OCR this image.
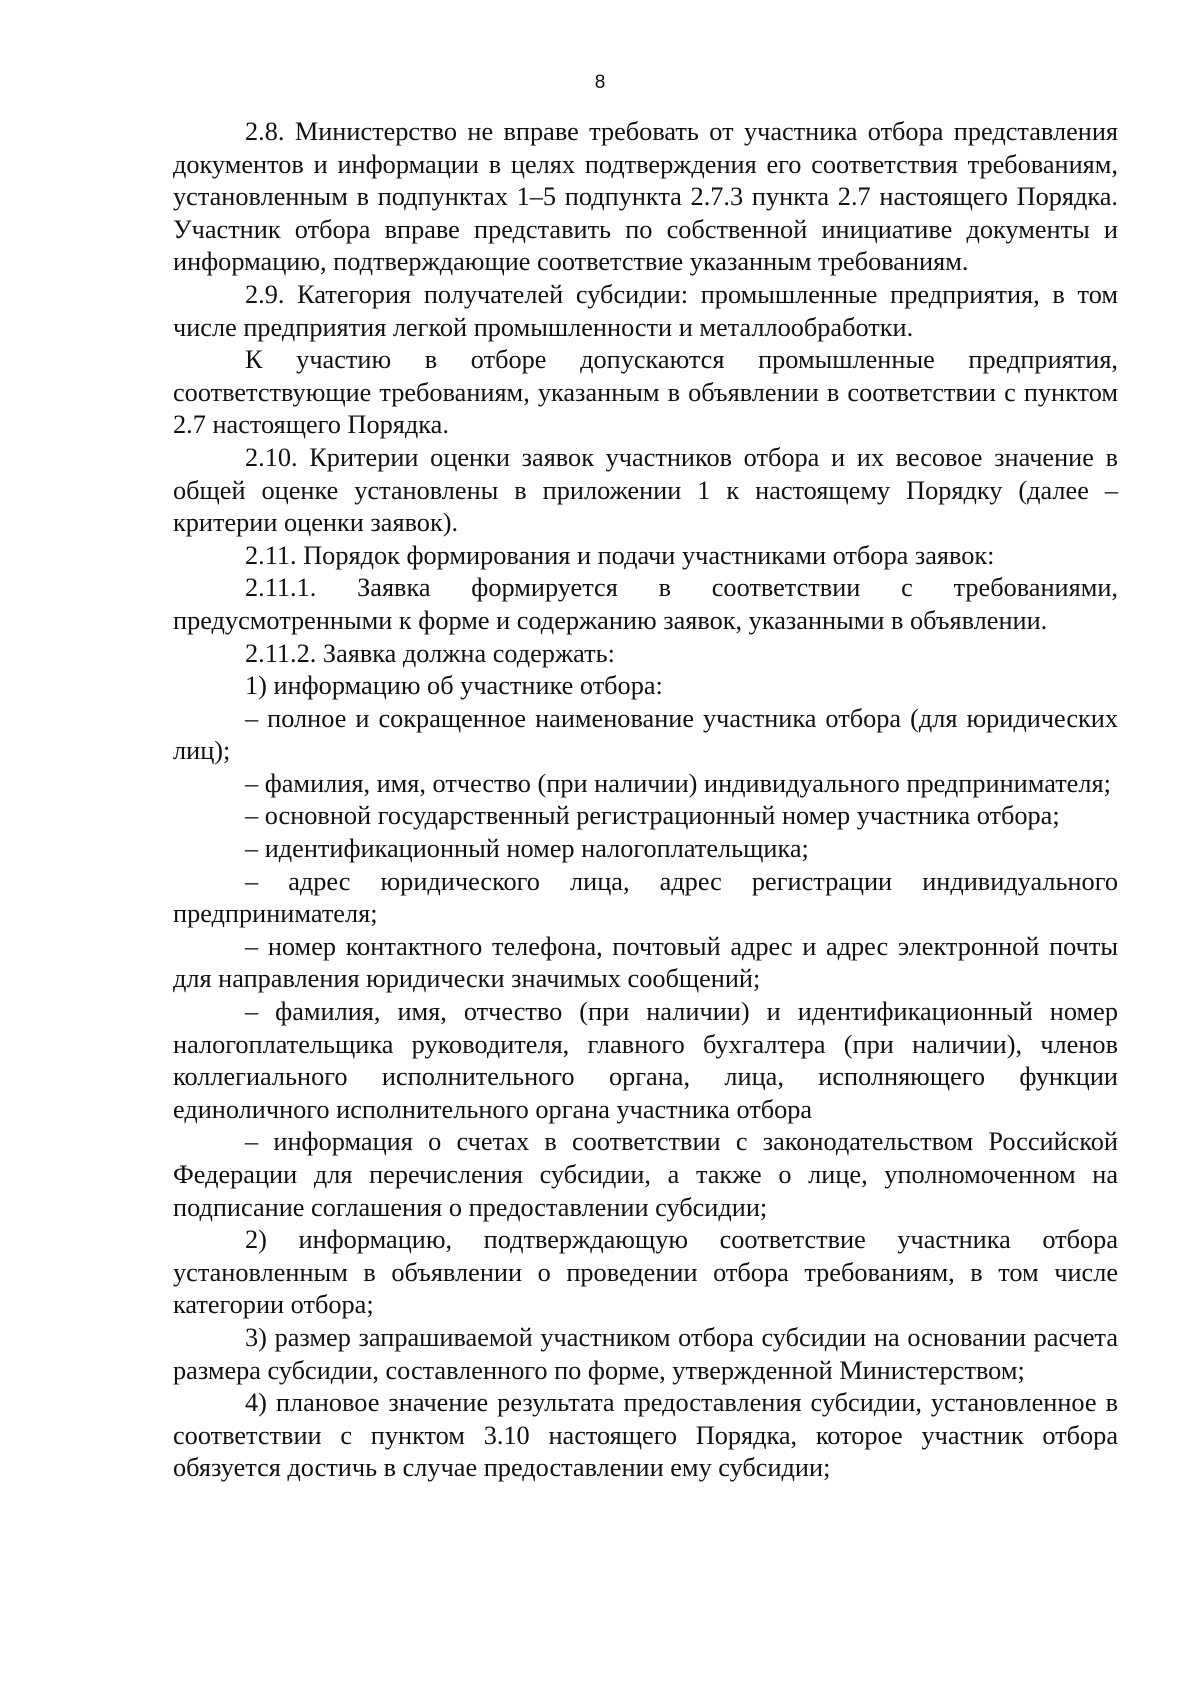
8

2.8. Министерство не вправе требовать от участника отбора представления документов и информации в целях подтверждения его соответствия требованиям, установленным в подпунктах 1–5 подпункта 2.7.3 пункта 2.7 настоящего Порядка. Участник отбора вправе представить по собственной инициативе документы и информацию, подтверждающие соответствие указанным требованиям.

2.9. Категория получателей субсидии: промышленные предприятия, в том числе предприятия легкой промышленности и металлообработки.

К участию в отборе допускаются промышленные предприятия, соответствующие требованиям, указанным в объявлении в соответствии с пунктом 2.7 настоящего Порядка.

2.10. Критерии оценки заявок участников отбора и их весовое значение в общей оценке установлены в приложении 1 к настоящему Порядку (далее – критерии оценки заявок).

2.11. Порядок формирования и подачи участниками отбора заявок:

2.11.1. Заявка формируется в соответствии с требованиями, предусмотренными к форме и содержанию заявок, указанными в объявлении.

2.11.2. Заявка должна содержать:

1) информацию об участнике отбора:

– полное и сокращенное наименование участника отбора (для юридических лиц);

– фамилия, имя, отчество (при наличии) индивидуального предпринимателя;

– основной государственный регистрационный номер участника отбора;

– идентификационный номер налогоплательщика;

– адрес юридического лица, адрес регистрации индивидуального предпринимателя;

– номер контактного телефона, почтовый адрес и адрес электронной почты для направления юридически значимых сообщений;

– фамилия, имя, отчество (при наличии) и идентификационный номер налогоплательщика руководителя, главного бухгалтера (при наличии), членов коллегиального исполнительного органа, лица, исполняющего функции единоличного исполнительного органа участника отбора

– информация о счетах в соответствии с законодательством Российской Федерации для перечисления субсидии, а также о лице, уполномоченном на подписание соглашения о предоставлении субсидии;

2) информацию, подтверждающую соответствие участника отбора установленным в объявлении о проведении отбора требованиям, в том числе категории отбора;

3) размер запрашиваемой участником отбора субсидии на основании расчета размера субсидии, составленного по форме, утвержденной Министерством;

4) плановое значение результата предоставления субсидии, установленное в соответствии с пунктом 3.10 настоящего Порядка, которое участник отбора обязуется достичь в случае предоставлении ему субсидии;
